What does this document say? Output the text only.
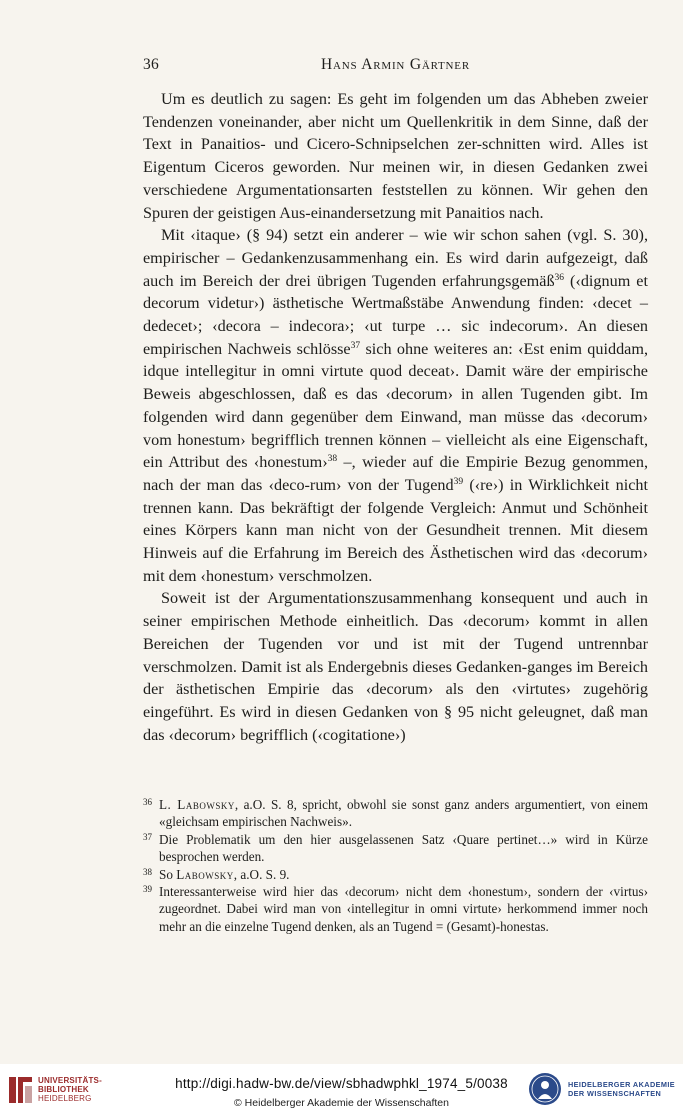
36	Hans Armin Gärtner

Um es deutlich zu sagen: Es geht im folgenden um das Abheben zweier Tendenzen voneinander, aber nicht um Quellenkritik in dem Sinne, daß der Text in Panaitios- und Cicero-Schnipselchen zer-schnitten wird. Alles ist Eigentum Ciceros geworden. Nur meinen wir, in diesen Gedanken zwei verschiedene Argumentationsarten feststellen zu können. Wir gehen den Spuren der geistigen Aus-einandersetzung mit Panaitios nach.

Mit ‹itaque› (§ 94) setzt ein anderer – wie wir schon sahen (vgl. S. 30), empirischer – Gedankenzusammenhang ein. Es wird darin aufgezeigt, daß auch im Bereich der drei übrigen Tugenden erfahrungsgemäß$^{36}$ (‹dignum et decorum videtur›) ästhetische Wertmaßstäbe Anwendung finden: ‹decet – dedecet›; ‹decora – indecora›; ‹ut turpe … sic indecorum›. An diesen empirischen Nachweis schlösse$^{37}$ sich ohne weiteres an: ‹Est enim quiddam, idque intellegitur in omni virtute quod deceat›. Damit wäre der empirische Beweis abgeschlossen, daß es das ‹decorum› in allen Tugenden gibt. Im folgenden wird dann gegenüber dem Einwand, man müsse das ‹decorum› vom honestum› begrifflich trennen können – vielleicht als eine Eigenschaft, ein Attribut des ‹honestum›$^{38}$ –, wieder auf die Empirie Bezug genommen, nach der man das ‹deco-rum› von der Tugend$^{39}$ (‹re›) in Wirklichkeit nicht trennen kann. Das bekräftigt der folgende Vergleich: Anmut und Schönheit eines Körpers kann man nicht von der Gesundheit trennen. Mit diesem Hinweis auf die Erfahrung im Bereich des Ästhetischen wird das ‹decorum› mit dem ‹honestum› verschmolzen.

Soweit ist der Argumentationszusammenhang konsequent und auch in seiner empirischen Methode einheitlich. Das ‹decorum› kommt in allen Bereichen der Tugenden vor und ist mit der Tugend untrennbar verschmolzen. Damit ist als Endergebnis dieses Gedanken-ganges im Bereich der ästhetischen Empirie das ‹decorum› als den ‹virtutes› zugehörig eingeführt. Es wird in diesen Gedanken von § 95 nicht geleugnet, daß man das ‹decorum› begrifflich (‹cogitatione›)

36 L. Labowsky, a.O. S. 8, spricht, obwohl sie sonst ganz anders argumentiert, von einem «gleichsam empirischen Nachweis».

37 Die Problematik um den hier ausgelassenen Satz ‹Quare pertinet…» wird in Kürze besprochen werden.

38 So Labowsky, a.O. S. 9.

39 Interessanterweise wird hier das ‹decorum› nicht dem ‹honestum›, sondern der ‹virtus› zugeordnet. Dabei wird man von ‹intellegitur in omni virtute› herkommend immer noch mehr an die einzelne Tugend denken, als an Tugend = (Gesamt)-honestas.

UNIVERSITÄTS-
BIBLIOTHEK
HEIDELBERG
http://digi.hadw-bw.de/view/sbhadwphkl_1974_5/0038
© Heidelberger Akademie der Wissenschaften
HEIDELBERGER AKADEMIE
DER WISSENSCHAFTEN
